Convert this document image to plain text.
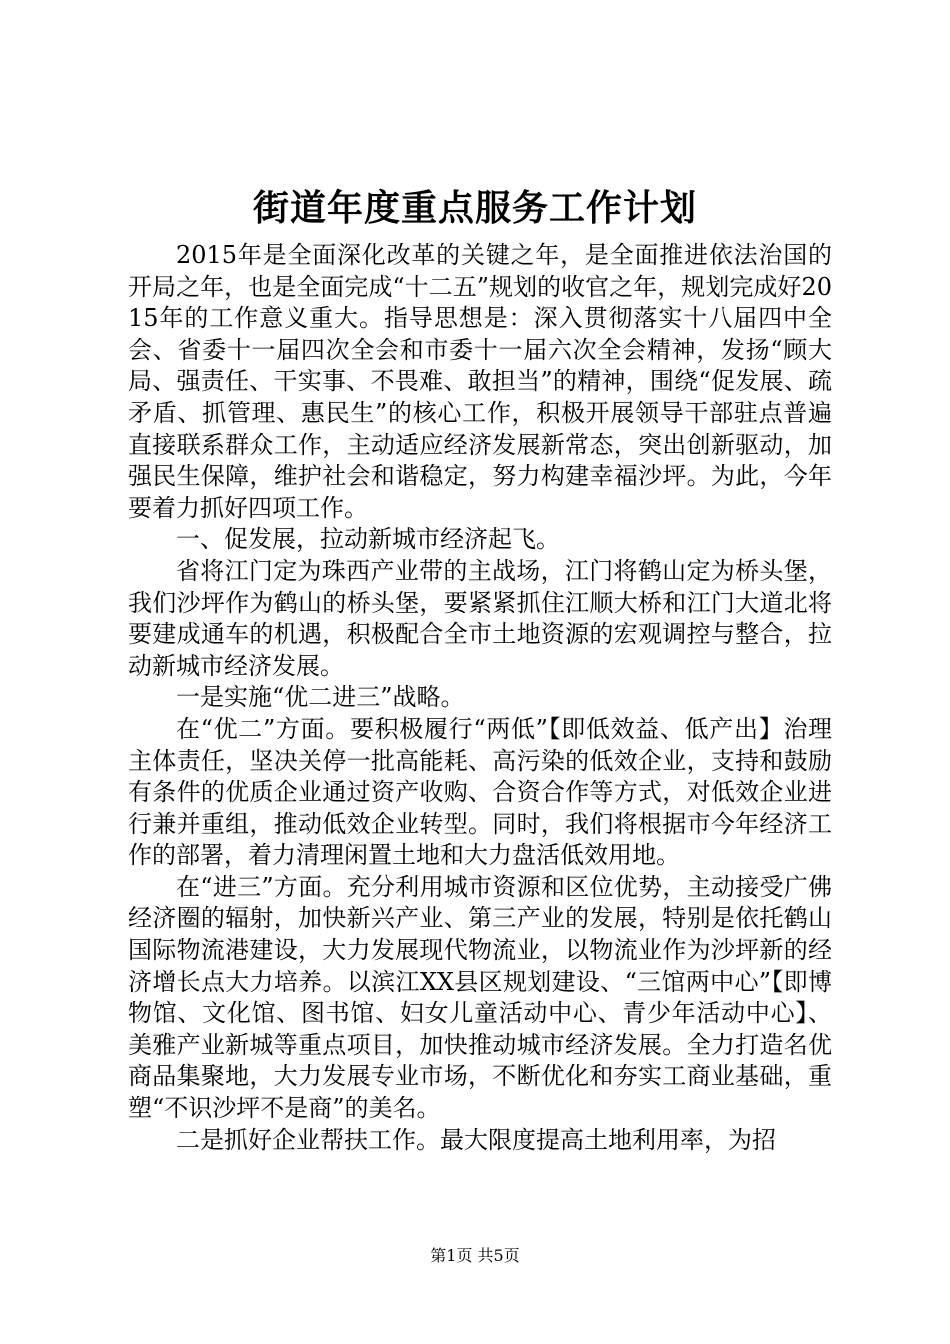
街道年度重点服务工作计划

2015年是全面深化改革的关键之年，是全面推进依法治国的开局之年，也是全面完成“十二五”规划的收官之年，规划完成好2015年的工作意义重大。指导思想是：深入贯彻落实十八届四中全会、省委十一届四次全会和市委十一届六次全会精神，发扬“顾大局、强责任、干实事、不畏难、敢担当”的精神，围绕“促发展、疏矛盾、抓管理、惠民生”的核心工作，积极开展领导干部驻点普遍直接联系群众工作，主动适应经济发展新常态，突出创新驱动，加强民生保障，维护社会和谐稳定，努力构建幸福沙坪。为此，今年要着力抓好四项工作。

一、促发展，拉动新城市经济起飞。

省将江门定为珠西产业带的主战场，江门将鹤山定为桥头堡，我们沙坪作为鹤山的桥头堡，要紧紧抓住江顺大桥和江门大道北将要建成通车的机遇，积极配合全市土地资源的宏观调控与整合，拉动新城市经济发展。

一是实施“优二进三”战略。

在“优二”方面。要积极履行“两低”【即低效益、低产出】治理主体责任，坚决关停一批高能耗、高污染的低效企业，支持和鼓励有条件的优质企业通过资产收购、合资合作等方式，对低效企业进行兼并重组，推动低效企业转型。同时，我们将根据市今年经济工作的部署，着力清理闲置土地和大力盘活低效用地。

在“进三”方面。充分利用城市资源和区位优势，主动接受广佛经济圈的辐射，加快新兴产业、第三产业的发展，特别是依托鹤山国际物流港建设，大力发展现代物流业，以物流业作为沙坪新的经济增长点大力培养。以滨江XX县区规划建设、“三馆两中心”【即博物馆、文化馆、图书馆、妇女儿童活动中心、青少年活动中心】、美雅产业新城等重点项目，加快推动城市经济发展。全力打造名优商品集聚地，大力发展专业市场，不断优化和夯实工商业基础，重塑“不识沙坪不是商”的美名。

二是抓好企业帮扶工作。最大限度提高土地利用率，为招

第1页 共5页
